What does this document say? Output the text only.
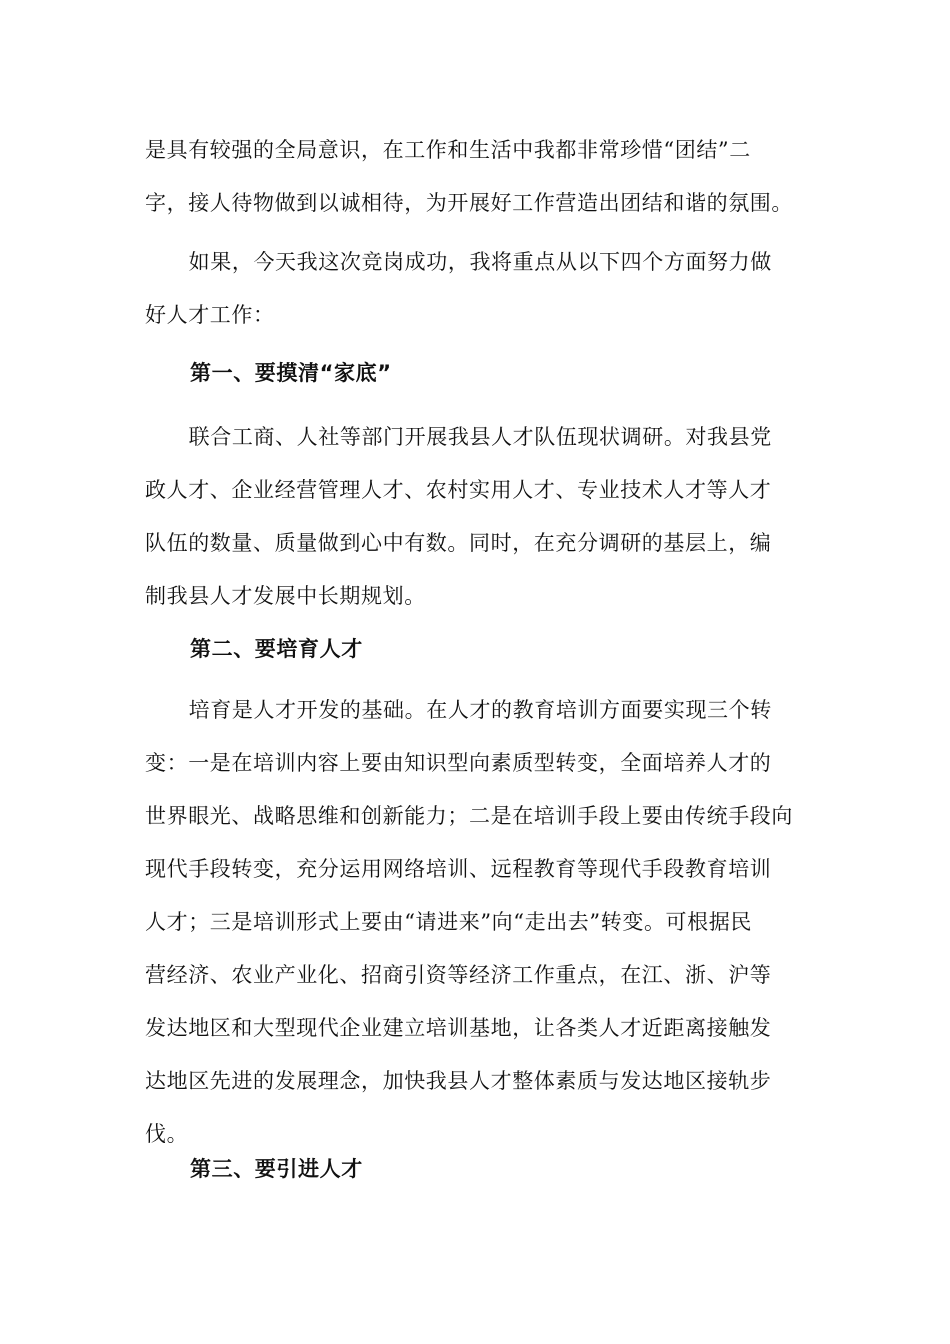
是具有较强的全局意识，在工作和生活中我都非常珍惜“团结”二
字，接人待物做到以诚相待，为开展好工作营造出团结和谐的氛围。

如果，今天我这次竞岗成功，我将重点从以下四个方面努力做
好人才工作：

第一、要摸清“家底”

联合工商、人社等部门开展我县人才队伍现状调研。对我县党
政人才、企业经营管理人才、农村实用人才、专业技术人才等人才
队伍的数量、质量做到心中有数。同时，在充分调研的基层上，编
制我县人才发展中长期规划。

第二、要培育人才

培育是人才开发的基础。在人才的教育培训方面要实现三个转
变：一是在培训内容上要由知识型向素质型转变，全面培养人才的
世界眼光、战略思维和创新能力；二是在培训手段上要由传统手段向
现代手段转变，充分运用网络培训、远程教育等现代手段教育培训
人才；三是培训形式上要由“请进来”向“走出去”转变。可根据民
营经济、农业产业化、招商引资等经济工作重点，在江、浙、沪等
发达地区和大型现代企业建立培训基地，让各类人才近距离接触发
达地区先进的发展理念，加快我县人才整体素质与发达地区接轨步
伐。

第三、要引进人才
